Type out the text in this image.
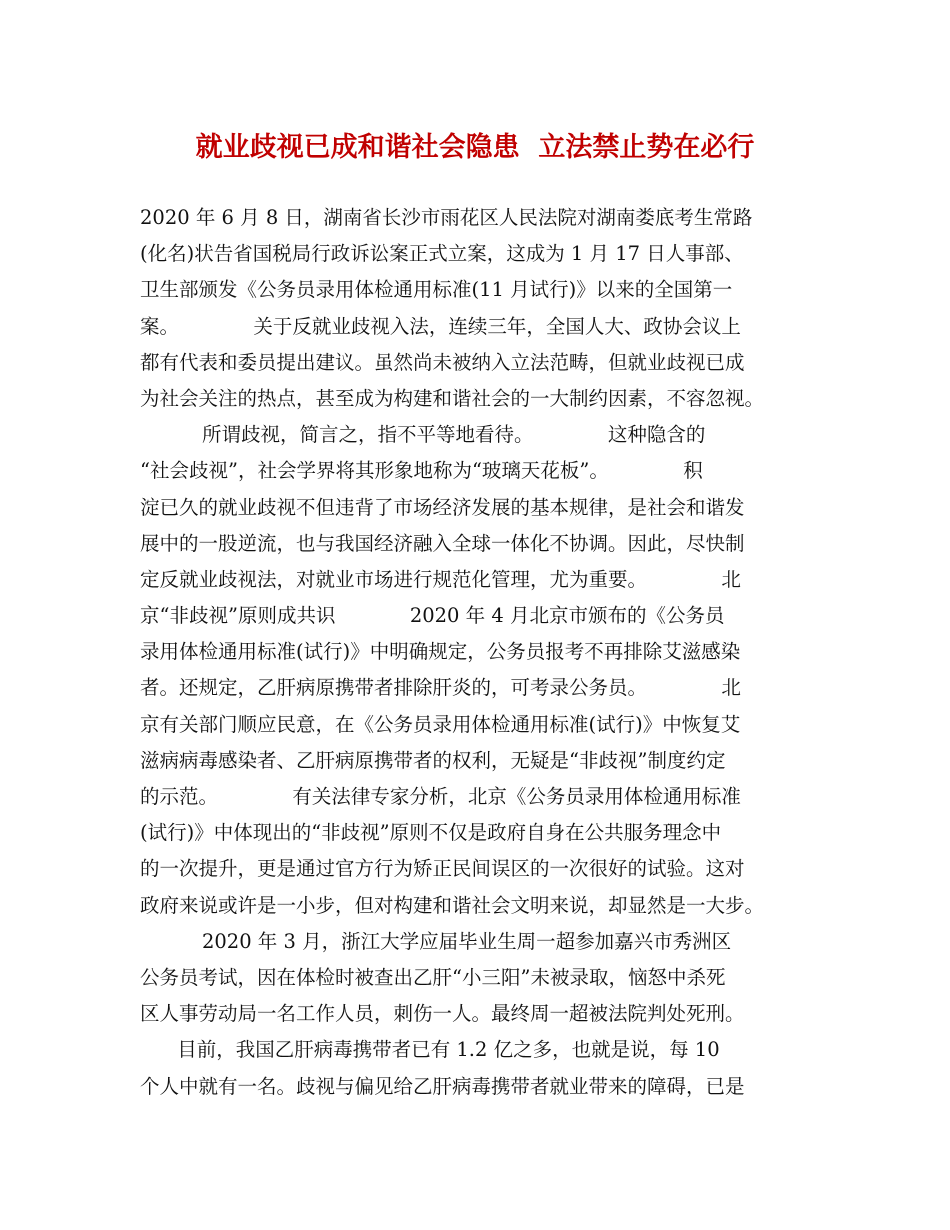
就业歧视已成和谐社会隐患  立法禁止势在必行
2020 年 6 月 8 日，湖南省长沙市雨花区人民法院对湖南娄底考生常路
(化名)状告省国税局行政诉讼案正式立案，这成为 1 月 17 日人事部、
卫生部颁发《公务员录用体检通用标准(11 月试行)》以来的全国第一
案。            关于反就业歧视入法，连续三年，全国人大、政协会议上
都有代表和委员提出建议。虽然尚未被纳入立法范畴，但就业歧视已成
为社会关注的热点，甚至成为构建和谐社会的一大制约因素，不容忽视。
所谓歧视，简言之，指不平等地看待。            这种隐含的
“社会歧视”，社会学界将其形象地称为“玻璃天花板”。            积
淀已久的就业歧视不但违背了市场经济发展的基本规律，是社会和谐发
展中的一股逆流，也与我国经济融入全球一体化不协调。因此，尽快制
定反就业歧视法，对就业市场进行规范化管理，尤为重要。            北
京“非歧视”原则成共识            2020 年 4 月北京市颁布的《公务员
录用体检通用标准(试行)》中明确规定，公务员报考不再排除艾滋感染
者。还规定，乙肝病原携带者排除肝炎的，可考录公务员。            北
京有关部门顺应民意，在《公务员录用体检通用标准(试行)》中恢复艾
滋病病毒感染者、乙肝病原携带者的权利，无疑是“非歧视”制度约定
的示范。            有关法律专家分析，北京《公务员录用体检通用标准
(试行)》中体现出的“非歧视”原则不仅是政府自身在公共服务理念中
的一次提升，更是通过官方行为矫正民间误区的一次很好的试验。这对
政府来说或许是一小步，但对构建和谐社会文明来说，却显然是一大步。
2020 年 3 月，浙江大学应届毕业生周一超参加嘉兴市秀洲区
公务员考试，因在体检时被查出乙肝“小三阳”未被录取，恼怒中杀死
区人事劳动局一名工作人员，刺伤一人。最终周一超被法院判处死刑。
目前，我国乙肝病毒携带者已有 1.2 亿之多，也就是说，每 10
个人中就有一名。歧视与偏见给乙肝病毒携带者就业带来的障碍，已是
